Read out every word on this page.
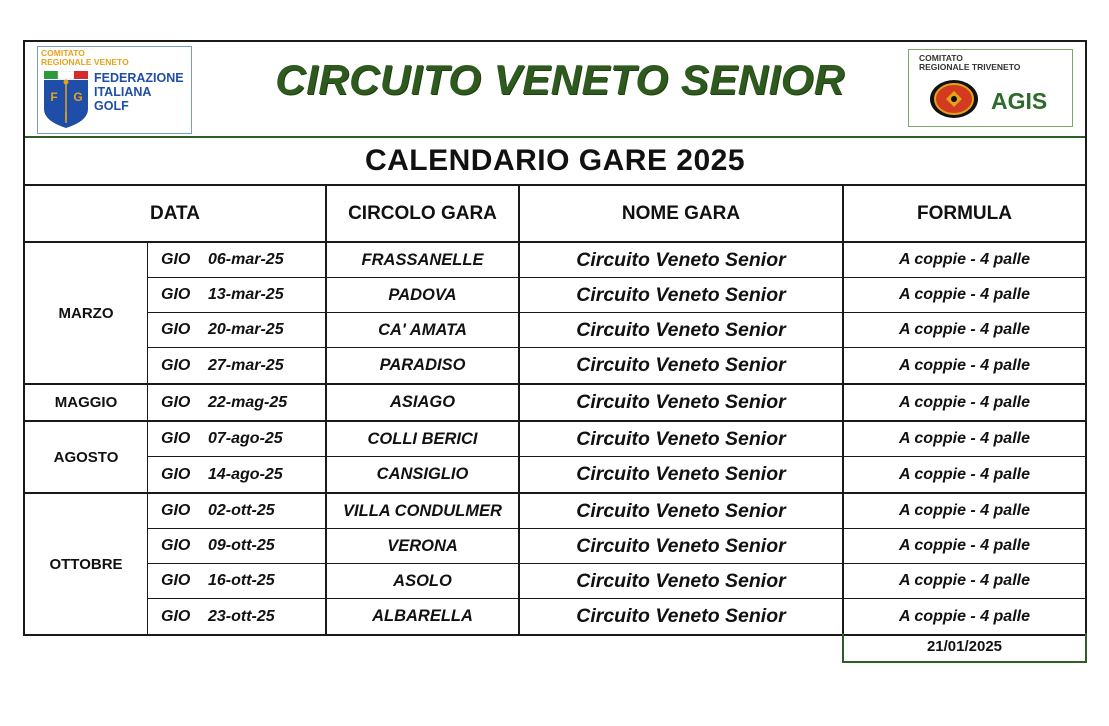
COMITATO
REGIONALE VENETO
F G
I
FEDERAZIONE
ITALIANA
GOLF
CIRCUITO VENETO SENIOR	COMITATO
REGIONALE TRIVENETO
AGIS
CALENDARIO GARE 2025
DATA	CIRCOLO GARA	NOME GARA	FORMULA
MARZO
GIO	06-mar-25	FRASSANELLE	Circuito Veneto Senior	A coppie - 4 palle
GIO	13-mar-25	PADOVA	Circuito Veneto Senior	A coppie - 4 palle
GIO	20-mar-25	CA' AMATA	Circuito Veneto Senior	A coppie - 4 palle
GIO	27-mar-25	PARADISO	Circuito Veneto Senior	A coppie - 4 palle
MAGGIO	GIO	22-mag-25	ASIAGO	Circuito Veneto Senior	A coppie - 4 palle
AGOSTO
GIO	07-ago-25	COLLI BERICI	Circuito Veneto Senior	A coppie - 4 palle
GIO	14-ago-25	CANSIGLIO	Circuito Veneto Senior	A coppie - 4 palle
OTTOBRE
GIO	02-ott-25	VILLA CONDULMER	Circuito Veneto Senior	A coppie - 4 palle
GIO	09-ott-25	VERONA	Circuito Veneto Senior	A coppie - 4 palle
GIO	16-ott-25	ASOLO	Circuito Veneto Senior	A coppie - 4 palle
GIO	23-ott-25	ALBARELLA	Circuito Veneto Senior	A coppie - 4 palle
21/01/2025
